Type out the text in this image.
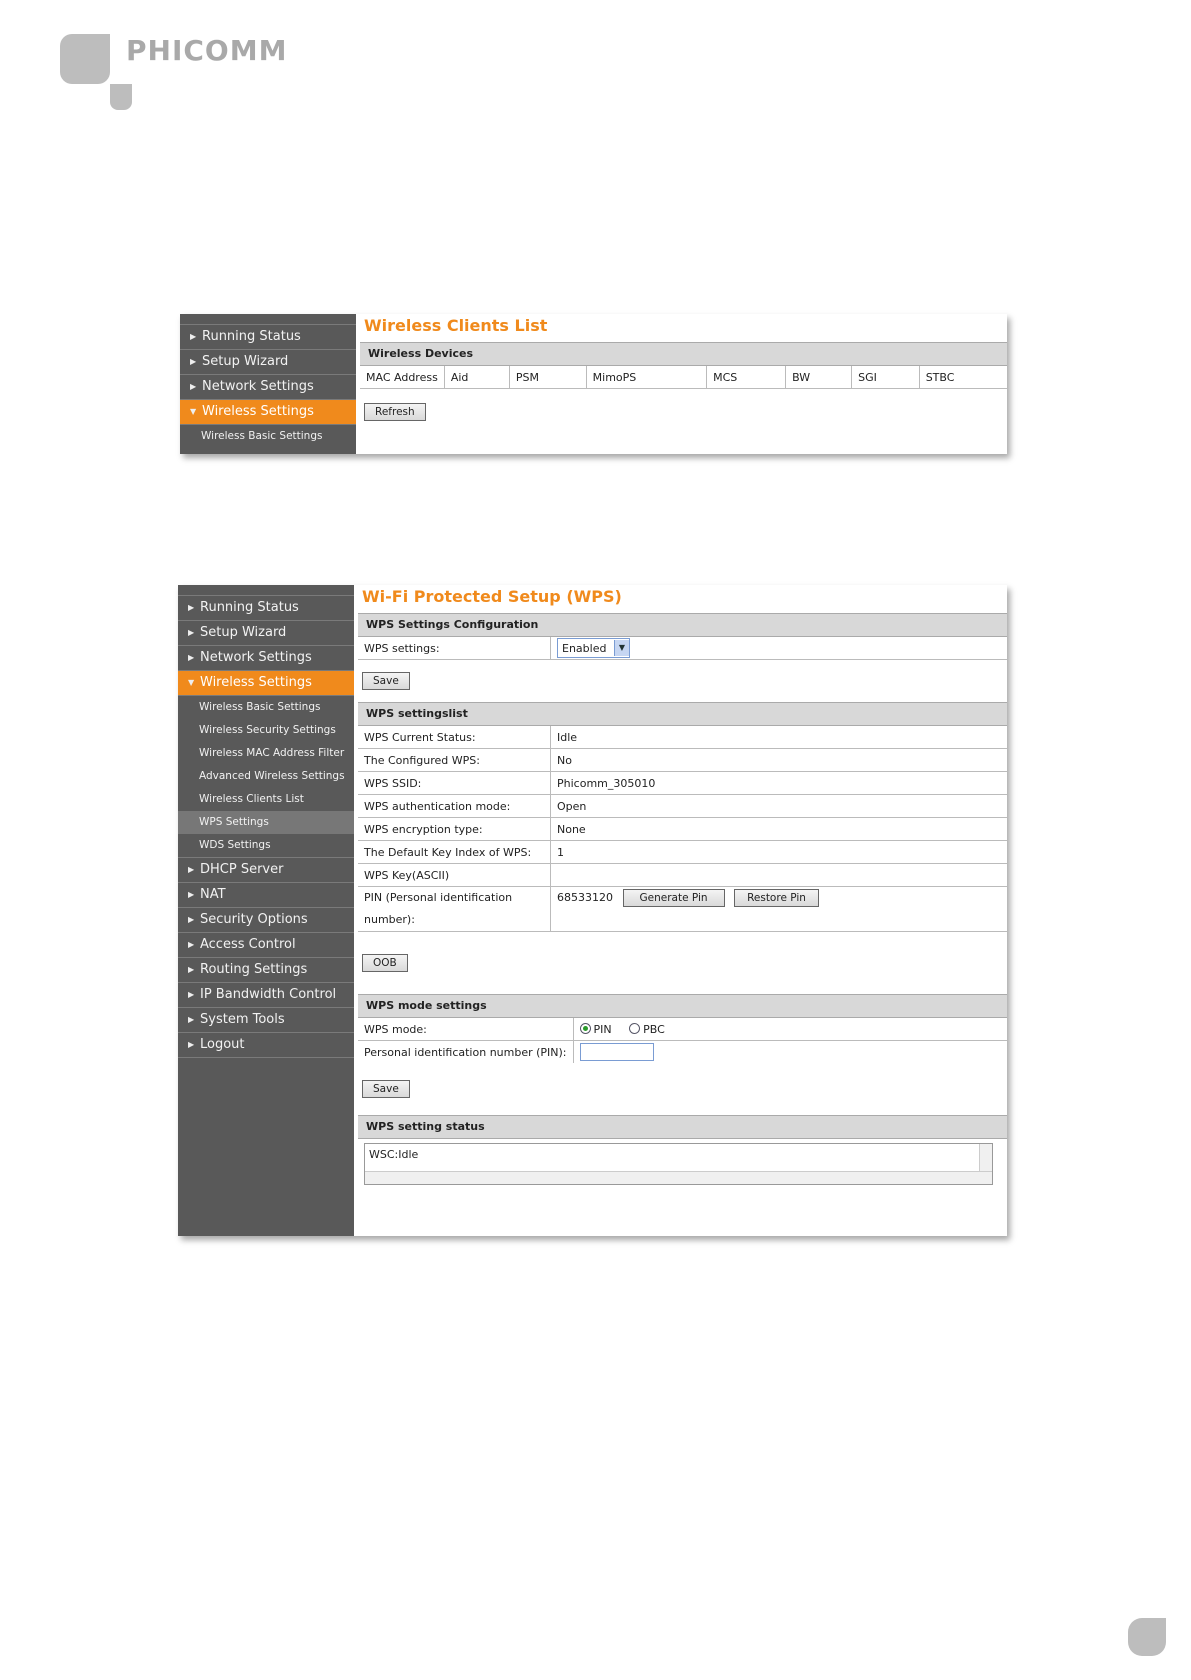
PHICOMM
▶ Running Status
▶ Setup Wizard
▶ Network Settings
▼ Wireless Settings
Wireless Basic Settings
Wireless Clients List
Wireless Devices
MAC Address	Aid	PSM	MimoPS	MCS	BW	SGI	STBC
Refresh
▶ Running Status
▶ Setup Wizard
▶ Network Settings
▼ Wireless Settings
Wireless Basic Settings
Wireless Security Settings
Wireless MAC Address Filter
Advanced Wireless Settings
Wireless Clients List
WPS Settings
WDS Settings
▶ DHCP Server
▶ NAT
▶ Security Options
▶ Access Control
▶ Routing Settings
▶ IP Bandwidth Control
▶ System Tools
▶ Logout
Wi-Fi Protected Setup (WPS)
WPS Settings Configuration
WPS settings:	Enabled	▼
Save
WPS settingslist
WPS Current Status:	Idle
The Configured WPS:	No
WPS SSID:	Phicomm_305010
WPS authentication mode:	Open
WPS encryption type:	None
The Default Key Index of WPS:	1
WPS Key(ASCII)	

PIN (Personal identification
number):	68533120 Generate Pin Restore Pin
OOB
WPS mode settings
WPS mode:	PIN PBC
Personal identification number (PIN):	
Save
WPS setting status
WSC:Idle
